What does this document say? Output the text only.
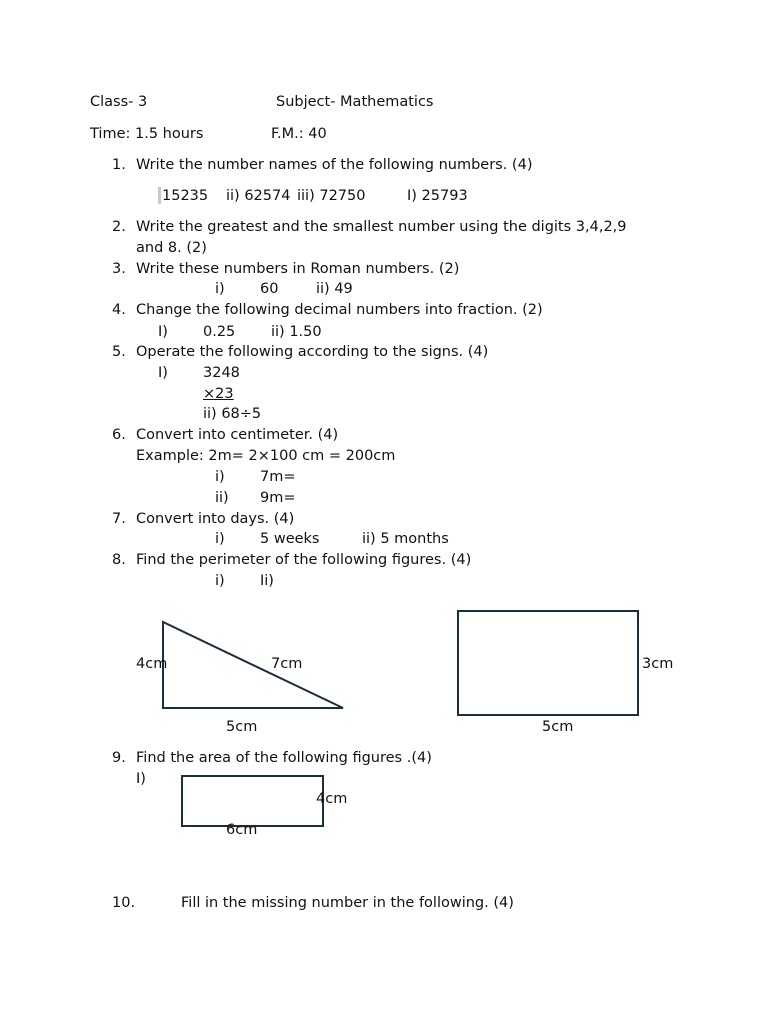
Class- 3	Subject- Mathematics
Time: 1.5 hours	F.M.: 40
1. Write the number names of the following numbers. (4)
15235 ii) 62574 iii) 72750	I) 25793
2. Write the greatest and the smallest number using the digits 3,4,2,9
and 8. (2)
3. Write these numbers in Roman numbers. (2)
i) 60	ii) 49
4. Change the following decimal numbers into fraction. (2)
I) 0.25 ii) 1.50
5. Operate the following according to the signs. (4)
I) 3248
×23
ii) 68÷5
6. Convert into centimeter. (4)
Example: 2m= 2×100 cm = 200cm
i) 7m=
ii) 9m=
7. Convert into days. (4)
i) 5 weeks	ii) 5 months
8. Find the perimeter of the following figures. (4)
i) Ii)
4cm	7cm
5cm
3cm
5cm
9. Find the area of the following figures .(4)
I)
4cm
6cm
10.	Fill in the missing number in the following. (4)
